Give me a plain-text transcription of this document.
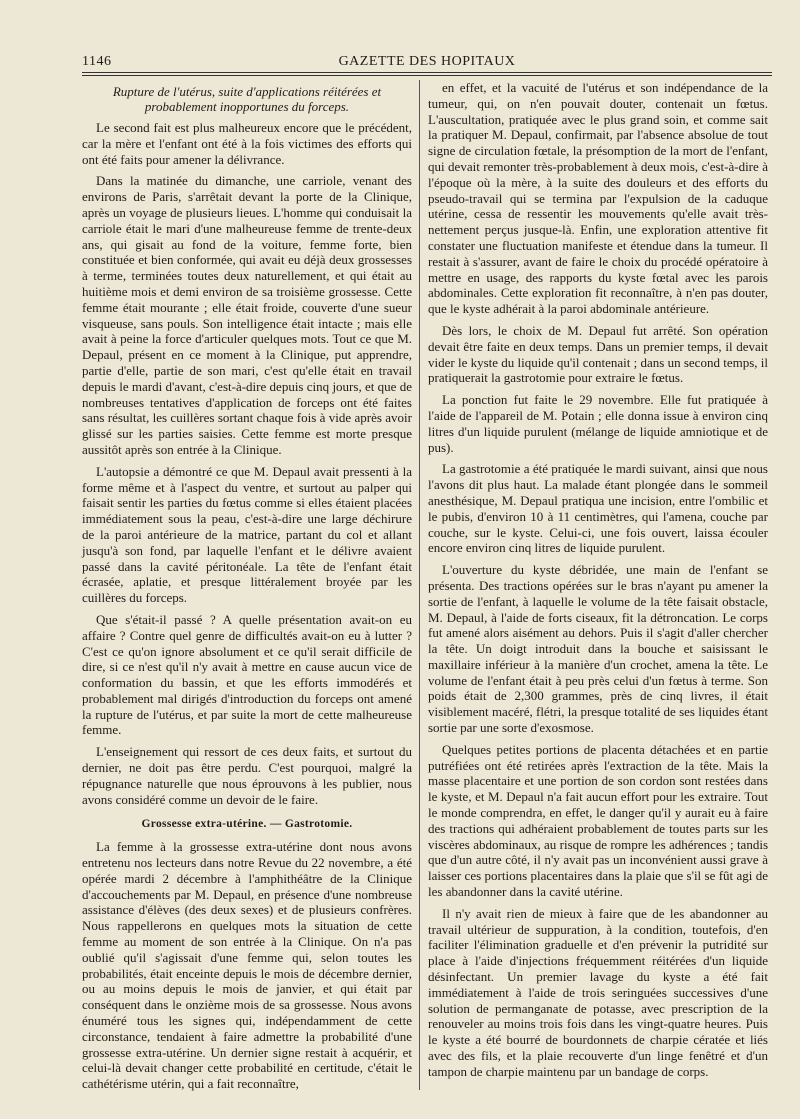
1146	GAZETTE DES HOPITAUX
Rupture de l'utérus, suite d'applications réitérées et probablement inopportunes du forceps.

Le second fait est plus malheureux encore que le précédent, car la mère et l'enfant ont été à la fois victimes des efforts qui ont été faits pour amener la délivrance.

Dans la matinée du dimanche, une carriole, venant des environs de Paris, s'arrêtait devant la porte de la Clinique, après un voyage de plusieurs lieues. L'homme qui conduisait la carriole était le mari d'une malheureuse femme de trente-deux ans, qui gisait au fond de la voiture, femme forte, bien constituée et bien conformée, qui avait eu déjà deux grossesses à terme, terminées toutes deux naturellement, et qui était au huitième mois et demi environ de sa troisième grossesse. Cette femme était mourante ; elle était froide, couverte d'une sueur visqueuse, sans pouls. Son intelligence était intacte ; mais elle avait à peine la force d'articuler quelques mots. Tout ce que M. Depaul, présent en ce moment à la Clinique, put apprendre, partie d'elle, partie de son mari, c'est qu'elle était en travail depuis le mardi d'avant, c'est-à-dire depuis cinq jours, et que de nombreuses tentatives d'application de forceps ont été faites sans résultat, les cuillères sortant chaque fois à vide après avoir glissé sur les parties saisies. Cette femme est morte presque aussitôt après son entrée à la Clinique.

L'autopsie a démontré ce que M. Depaul avait pressenti à la forme même et à l'aspect du ventre, et surtout au palper qui faisait sentir les parties du fœtus comme si elles étaient placées immédiatement sous la peau, c'est-à-dire une large déchirure de la paroi antérieure de la matrice, partant du col et allant jusqu'à son fond, par laquelle l'enfant et le délivre avaient passé dans la cavité péritonéale. La tête de l'enfant était écrasée, aplatie, et presque littéralement broyée par les cuillères du forceps.

Que s'était-il passé ? A quelle présentation avait-on eu affaire ? Contre quel genre de difficultés avait-on eu à lutter ? C'est ce qu'on ignore absolument et ce qu'il serait difficile de dire, si ce n'est qu'il n'y avait à mettre en cause aucun vice de conformation du bassin, et que les efforts immodérés et probablement mal dirigés d'introduction du forceps ont amené la rupture de l'utérus, et par suite la mort de cette malheureuse femme.

L'enseignement qui ressort de ces deux faits, et surtout du dernier, ne doit pas être perdu. C'est pourquoi, malgré la répugnance naturelle que nous éprouvons à les publier, nous avons considéré comme un devoir de le faire.

Grossesse extra-utérine. — Gastrotomie.

La femme à la grossesse extra-utérine dont nous avons entretenu nos lecteurs dans notre Revue du 22 novembre, a été opérée mardi 2 décembre à l'amphithéâtre de la Clinique d'accouchements par M. Depaul, en présence d'une nombreuse assistance d'élèves (des deux sexes) et de plusieurs confrères. Nous rappellerons en quelques mots la situation de cette femme au moment de son entrée à la Clinique. On n'a pas oublié qu'il s'agissait d'une femme qui, selon toutes les probabilités, était enceinte depuis le mois de décembre dernier, ou au moins depuis le mois de janvier, et qui était par conséquent dans le onzième mois de sa grossesse. Nous avons énuméré tous les signes qui, indépendamment de cette circonstance, tendaient à faire admettre la probabilité d'une grossesse extra-utérine. Un dernier signe restait à acquérir, et celui-là devait changer cette probabilité en certitude, c'était le cathétérisme utérin, qui a fait reconnaître,

en effet, et la vacuité de l'utérus et son indépendance de la tumeur, qui, on n'en pouvait douter, contenait un fœtus. L'auscultation, pratiquée avec le plus grand soin, et comme sait la pratiquer M. Depaul, confirmait, par l'absence absolue de tout signe de circulation fœtale, la présomption de la mort de l'enfant, qui devait remonter très-probablement à deux mois, c'est-à-dire à l'époque où la mère, à la suite des douleurs et des efforts du pseudo-travail qui se termina par l'expulsion de la caduque utérine, cessa de ressentir les mouvements qu'elle avait très-nettement perçus jusque-là. Enfin, une exploration attentive fit constater une fluctuation manifeste et étendue dans la tumeur. Il restait à s'assurer, avant de faire le choix du procédé opératoire à mettre en usage, des rapports du kyste fœtal avec les parois abdominales. Cette exploration fit reconnaître, à n'en pas douter, que le kyste adhérait à la paroi abdominale antérieure.

Dès lors, le choix de M. Depaul fut arrêté. Son opération devait être faite en deux temps. Dans un premier temps, il devait vider le kyste du liquide qu'il contenait ; dans un second temps, il pratiquerait la gastrotomie pour extraire le fœtus.

La ponction fut faite le 29 novembre. Elle fut pratiquée à l'aide de l'appareil de M. Potain ; elle donna issue à environ cinq litres d'un liquide purulent (mélange de liquide amniotique et de pus).

La gastrotomie a été pratiquée le mardi suivant, ainsi que nous l'avons dit plus haut. La malade étant plongée dans le sommeil anesthésique, M. Depaul pratiqua une incision, entre l'ombilic et le pubis, d'environ 10 à 11 centimètres, qui l'amena, couche par couche, sur le kyste. Celui-ci, une fois ouvert, laissa écouler encore environ cinq litres de liquide purulent.

L'ouverture du kyste débridée, une main de l'enfant se présenta. Des tractions opérées sur le bras n'ayant pu amener la sortie de l'enfant, à laquelle le volume de la tête faisait obstacle, M. Depaul, à l'aide de forts ciseaux, fit la détroncation. Le corps fut amené alors aisément au dehors. Puis il s'agit d'aller chercher la tête. Un doigt introduit dans la bouche et saisissant le maxillaire inférieur à la manière d'un crochet, amena la tête. Le volume de l'enfant était à peu près celui d'un fœtus à terme. Son poids était de 2,300 grammes, près de cinq livres, il était visiblement macéré, flétri, la presque totalité de ses liquides étant sortie par une sorte d'exosmose.

Quelques petites portions de placenta détachées et en partie putréfiées ont été retirées après l'extraction de la tête. Mais la masse placentaire et une portion de son cordon sont restées dans le kyste, et M. Depaul n'a fait aucun effort pour les extraire. Tout le monde comprendra, en effet, le danger qu'il y aurait eu à faire des tractions qui adhéraient probablement de toutes parts sur les viscères abdominaux, au risque de rompre les adhérences ; tandis que d'un autre côté, il n'y avait pas un inconvénient aussi grave à laisser ces portions placentaires dans la plaie que s'il se fût agi de les abandonner dans la cavité utérine.

Il n'y avait rien de mieux à faire que de les abandonner au travail ultérieur de suppuration, à la condition, toutefois, d'en faciliter l'élimination graduelle et d'en prévenir la putridité sur place à l'aide d'injections fréquemment réitérées d'un liquide désinfectant. Un premier lavage du kyste a été fait immédiatement à l'aide de trois seringuées successives d'une solution de permanganate de potasse, avec prescription de la renouveler au moins trois fois dans les vingt-quatre heures. Puis le kyste a été bourré de bourdonnets de charpie cératée et liés avec des fils, et la plaie recouverte d'un linge fenêtré et d'un tampon de charpie maintenu par un bandage de corps.
